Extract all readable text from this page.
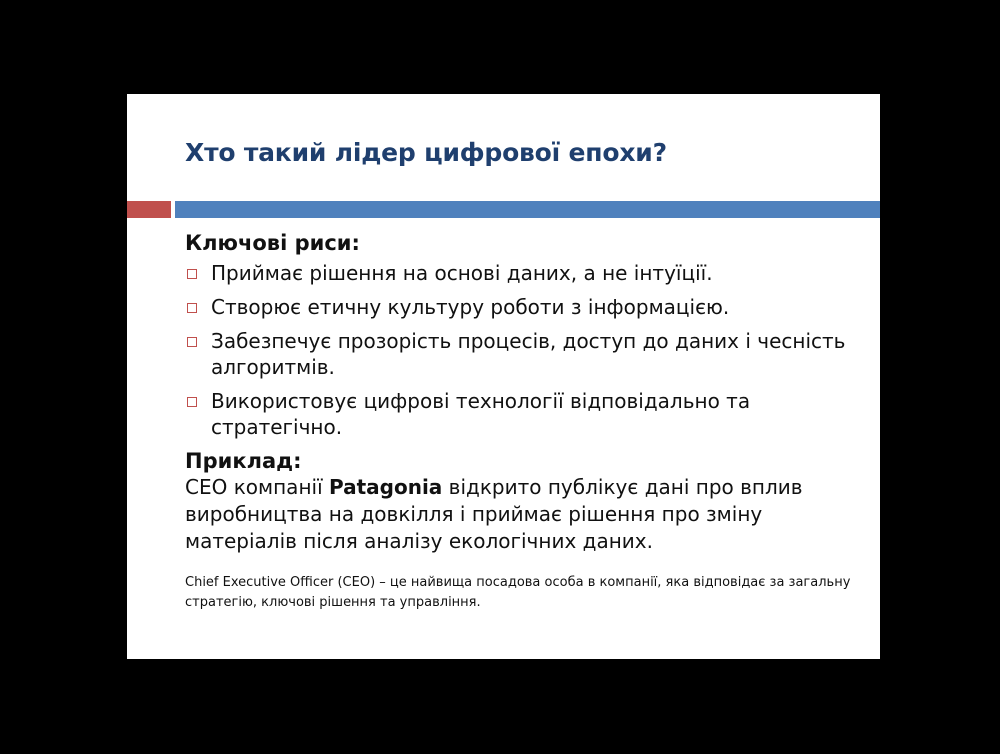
Хто такий лідер цифрової епохи?
Ключові риси:
Приймає рішення на основі даних, а не інтуїції.
Створює етичну культуру роботи з інформацією.
Забезпечує прозорість процесів, доступ до даних і чесність алгоритмів.
Використовує цифрові технології відповідально та стратегічно.
Приклад:

CEO компанії Patagonia відкрито публікує дані про вплив виробництва на довкілля і приймає рішення про зміну матеріалів після аналізу екологічних даних.

Chief Executive Officer (CEO) – це найвища посадова особа в компанії, яка відповідає за загальну стратегію, ключові рішення та управління.
